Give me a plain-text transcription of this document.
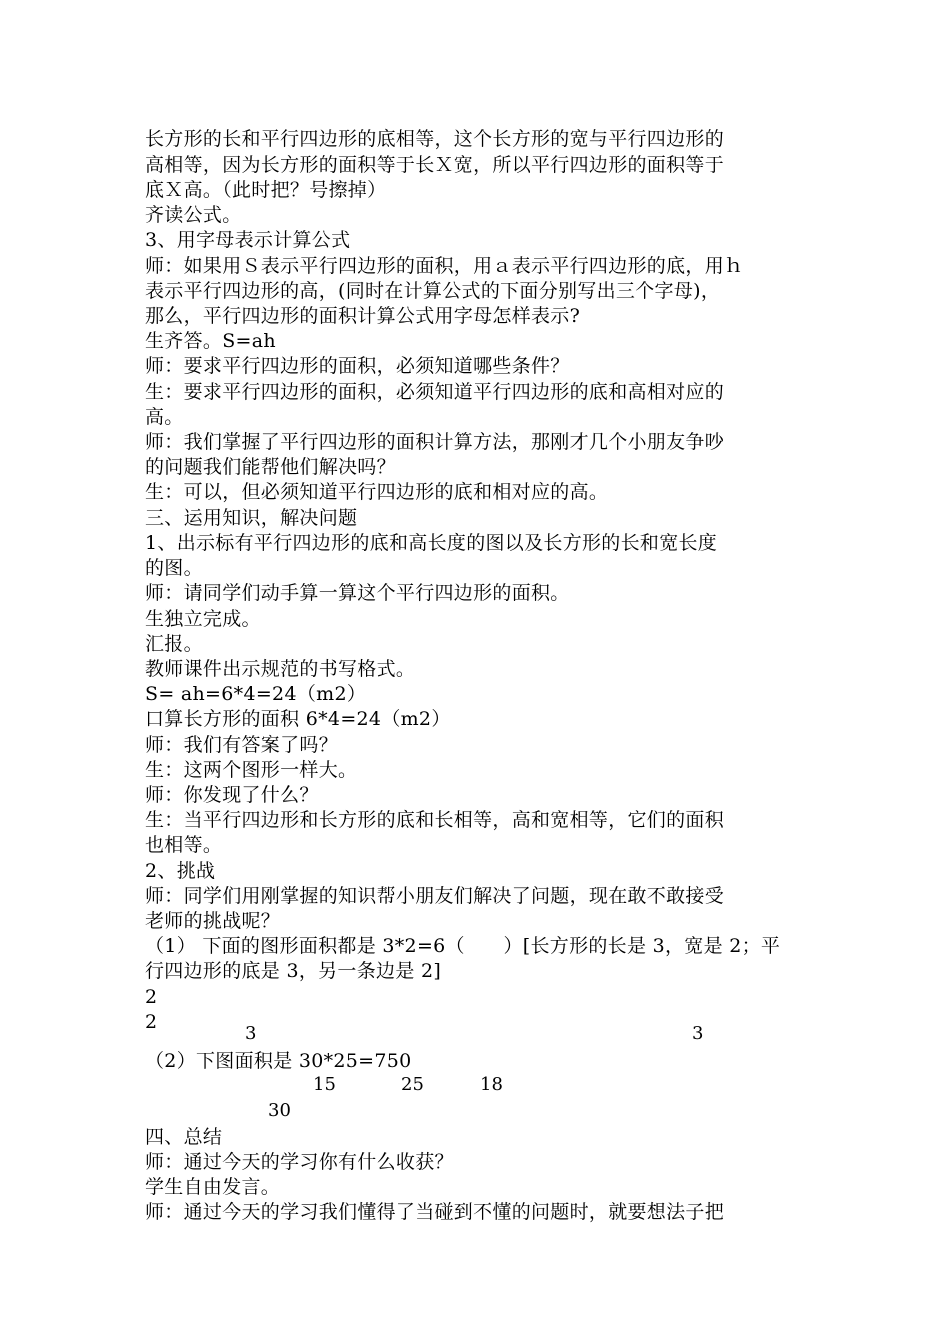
长方形的长和平行四边形的底相等，这个长方形的宽与平行四边形的
高相等，因为长方形的面积等于长Ｘ宽，所以平行四边形的面积等于
底Ｘ高。（此时把？号擦掉）
齐读公式。
3、用字母表示计算公式
师：如果用Ｓ表示平行四边形的面积，用ａ表示平行四边形的底，用ｈ
表示平行四边形的高，(同时在计算公式的下面分别写出三个字母)，
那么，平行四边形的面积计算公式用字母怎样表示?
生齐答。S=ah
师：要求平行四边形的面积，必须知道哪些条件？
生：要求平行四边形的面积，必须知道平行四边形的底和高相对应的
高。
师：我们掌握了平行四边形的面积计算方法，那刚才几个小朋友争吵
的问题我们能帮他们解决吗？
生：可以，但必须知道平行四边形的底和相对应的高。
三、运用知识，解决问题
1、出示标有平行四边形的底和高长度的图以及长方形的长和宽长度
的图。
师：请同学们动手算一算这个平行四边形的面积。
生独立完成。
汇报。
教师课件出示规范的书写格式。
S= ah=6*4=24（m2）
口算长方形的面积 6*4=24（m2）
师：我们有答案了吗？
生：这两个图形一样大。
师：你发现了什么？
生：当平行四边形和长方形的底和长相等，高和宽相等，它们的面积
也相等。
2、挑战
师：同学们用刚掌握的知识帮小朋友们解决了问题，现在敢不敢接受
老师的挑战呢？
（1） 下面的图形面积都是 3*2=6（　　）[长方形的长是 3，宽是 2；平
行四边形的底是 3，另一条边是 2]
2
2
3	3
（2）下图面积是 30*25=750
15	25	18
30
四、总结
师：通过今天的学习你有什么收获？
学生自由发言。
师：通过今天的学习我们懂得了当碰到不懂的问题时，就要想法子把
